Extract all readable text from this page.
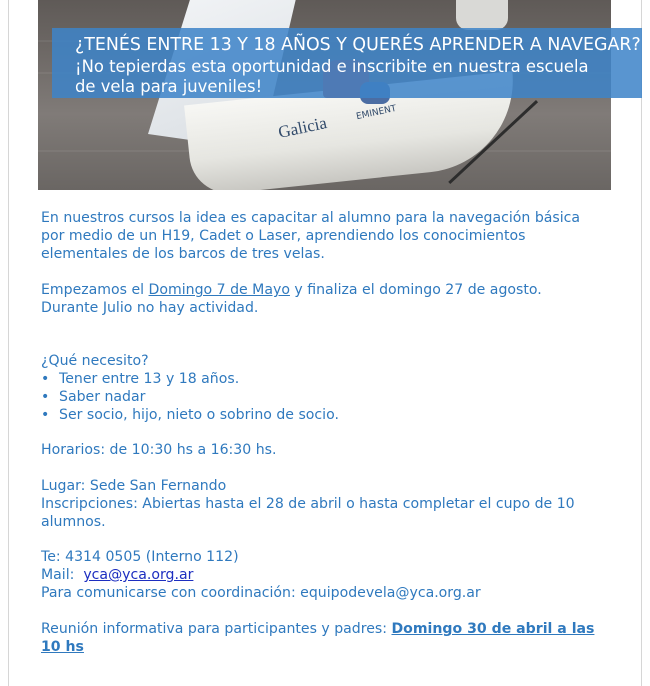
Galicia
EMINENT
¿TENÉS ENTRE 13 Y 18 AÑOS Y QUERÉS APRENDER A NAVEGAR?
¡No tepierdas esta oportunidad e inscribite en nuestra escuela
de vela para juveniles!
En nuestros cursos la idea es capacitar al alumno para la navegación básica
por medio de un H19, Cadet o Laser, aprendiendo los conocimientos
elementales de los barcos de tres velas.
Empezamos el Domingo 7 de Mayo y finaliza el domingo 27 de agosto.
Durante Julio no hay actividad.
¿Qué necesito?
• Tener entre 13 y 18 años.
• Saber nadar
• Ser socio, hijo, nieto o sobrino de socio.
Horarios: de 10:30 hs a 16:30 hs.
Lugar: Sede San Fernando
Inscripciones: Abiertas hasta el 28 de abril o hasta completar el cupo de 10
alumnos.
Te: 4314 0505 (Interno 112)
Mail:  yca@yca.org.ar
Para comunicarse con coordinación: equipodevela@yca.org.ar
Reunión informativa para participantes y padres: Domingo 30 de abril a las
10 hs
